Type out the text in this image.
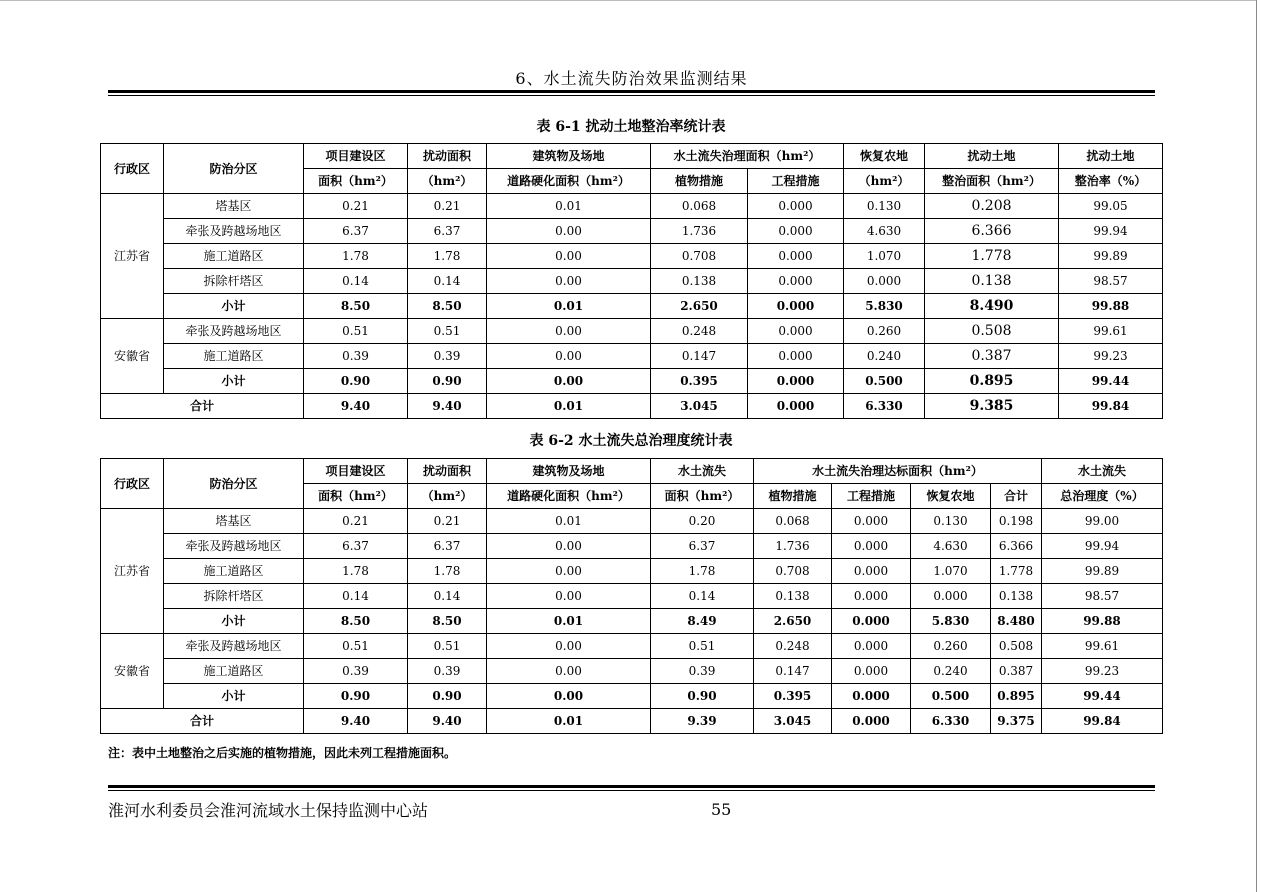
6、水土流失防治效果监测结果
表 6-1 扰动土地整治率统计表
行政区	防治分区	项目建设区	扰动面积	建筑物及场地	水土流失治理面积（hm²）		恢复农地	扰动土地	扰动土地
		面积（hm²）	（hm²）	道路硬化面积（hm²）	植物措施	工程措施	（hm²）	整治面积（hm²）	整治率（%）
江苏省	塔基区	0.21	0.21	0.01	0.068	0.000	0.130	0.208	99.05
	牵张及跨越场地区	6.37	6.37	0.00	1.736	0.000	4.630	6.366	99.94
	施工道路区	1.78	1.78	0.00	0.708	0.000	1.070	1.778	99.89
	拆除杆塔区	0.14	0.14	0.00	0.138	0.000	0.000	0.138	98.57
	小计	8.50	8.50	0.01	2.650	0.000	5.830	8.490	99.88
安徽省	牵张及跨越场地区	0.51	0.51	0.00	0.248	0.000	0.260	0.508	99.61
	施工道路区	0.39	0.39	0.00	0.147	0.000	0.240	0.387	99.23
	小计	0.90	0.90	0.00	0.395	0.000	0.500	0.895	99.44
合计		9.40	9.40	0.01	3.045	0.000	6.330	9.385	99.84
表 6-2 水土流失总治理度统计表
行政区	防治分区	项目建设区	扰动面积	建筑物及场地	水土流失	水土流失治理达标面积（hm²）				水土流失
		面积（hm²）	（hm²）	道路硬化面积（hm²）	面积（hm²）	植物措施	工程措施	恢复农地	合计	总治理度（%）
江苏省	塔基区	0.21	0.21	0.01	0.20	0.068	0.000	0.130	0.198	99.00
	牵张及跨越场地区	6.37	6.37	0.00	6.37	1.736	0.000	4.630	6.366	99.94
	施工道路区	1.78	1.78	0.00	1.78	0.708	0.000	1.070	1.778	99.89
	拆除杆塔区	0.14	0.14	0.00	0.14	0.138	0.000	0.000	0.138	98.57
	小计	8.50	8.50	0.01	8.49	2.650	0.000	5.830	8.480	99.88
安徽省	牵张及跨越场地区	0.51	0.51	0.00	0.51	0.248	0.000	0.260	0.508	99.61
	施工道路区	0.39	0.39	0.00	0.39	0.147	0.000	0.240	0.387	99.23
	小计	0.90	0.90	0.00	0.90	0.395	0.000	0.500	0.895	99.44
合计		9.40	9.40	0.01	9.39	3.045	0.000	6.330	9.375	99.84
注：表中土地整治之后实施的植物措施，因此未列工程措施面积。
淮河水利委员会淮河流域水土保持监测中心站	55
